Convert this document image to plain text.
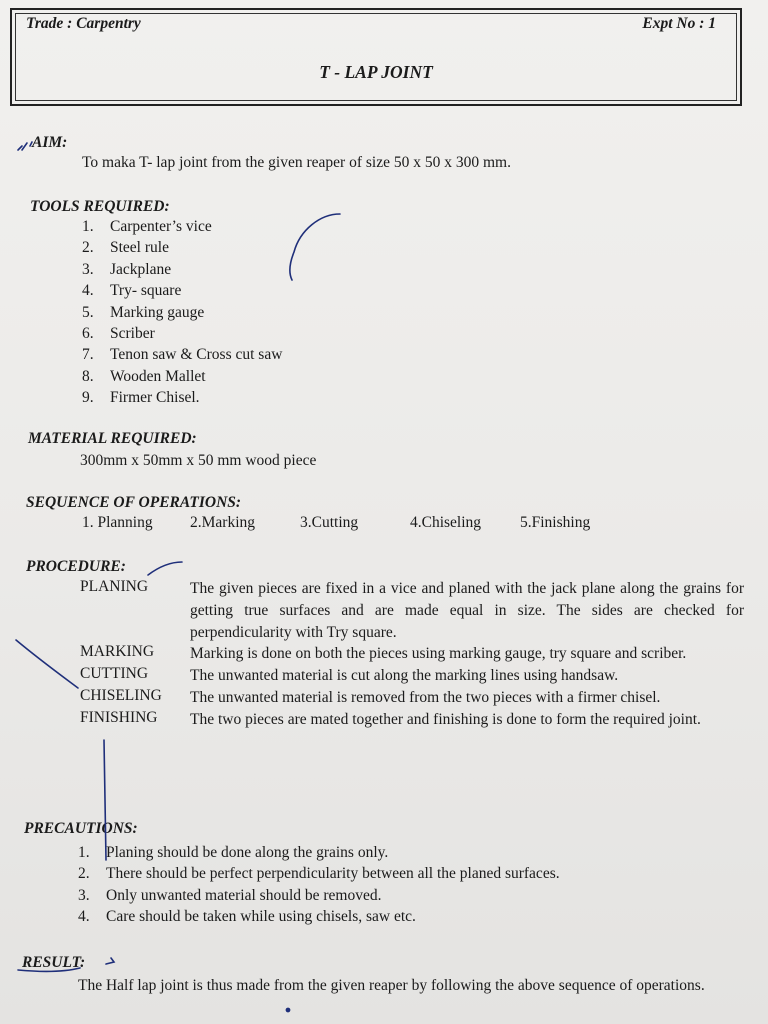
Trade : Carpentry	Expt No : 1
T - LAP JOINT
AIM:
To maka T- lap joint from the given reaper of size 50 x 50 x 300 mm.
TOOLS REQUIRED:
1. Carpenter’s vice
2. Steel rule
3. Jackplane
4. Try- square
5. Marking gauge
6. Scriber
7. Tenon saw & Cross cut saw
8. Wooden Mallet
9. Firmer Chisel.
MATERIAL REQUIRED:
300mm x 50mm x 50 mm wood piece
SEQUENCE OF OPERATIONS:
1. Planning 2.Marking	3.Cutting	4.Chiseling	5.Finishing
PROCEDURE:
PLANING	The given pieces are fixed in a vice and planed with the jack plane along the grains for getting true surfaces and are made equal in size. The sides are checked for perpendicularity with Try square.
MARKING Marking is done on both the pieces using marking gauge, try square and scriber.
CUTTING	The unwanted material is cut along the marking lines using handsaw.
CHISELING The unwanted material is removed from the two pieces with a firmer chisel.
FINISHING The two pieces are mated together and finishing is done to form the required joint.
PRECAUTIONS:
1. Planing should be done along the grains only.
2. There should be perfect perpendicularity between all the planed surfaces.
3. Only unwanted material should be removed.
4. Care should be taken while using chisels, saw etc.
RESULT:
The Half lap joint is thus made from the given reaper by following the above sequence of operations.
